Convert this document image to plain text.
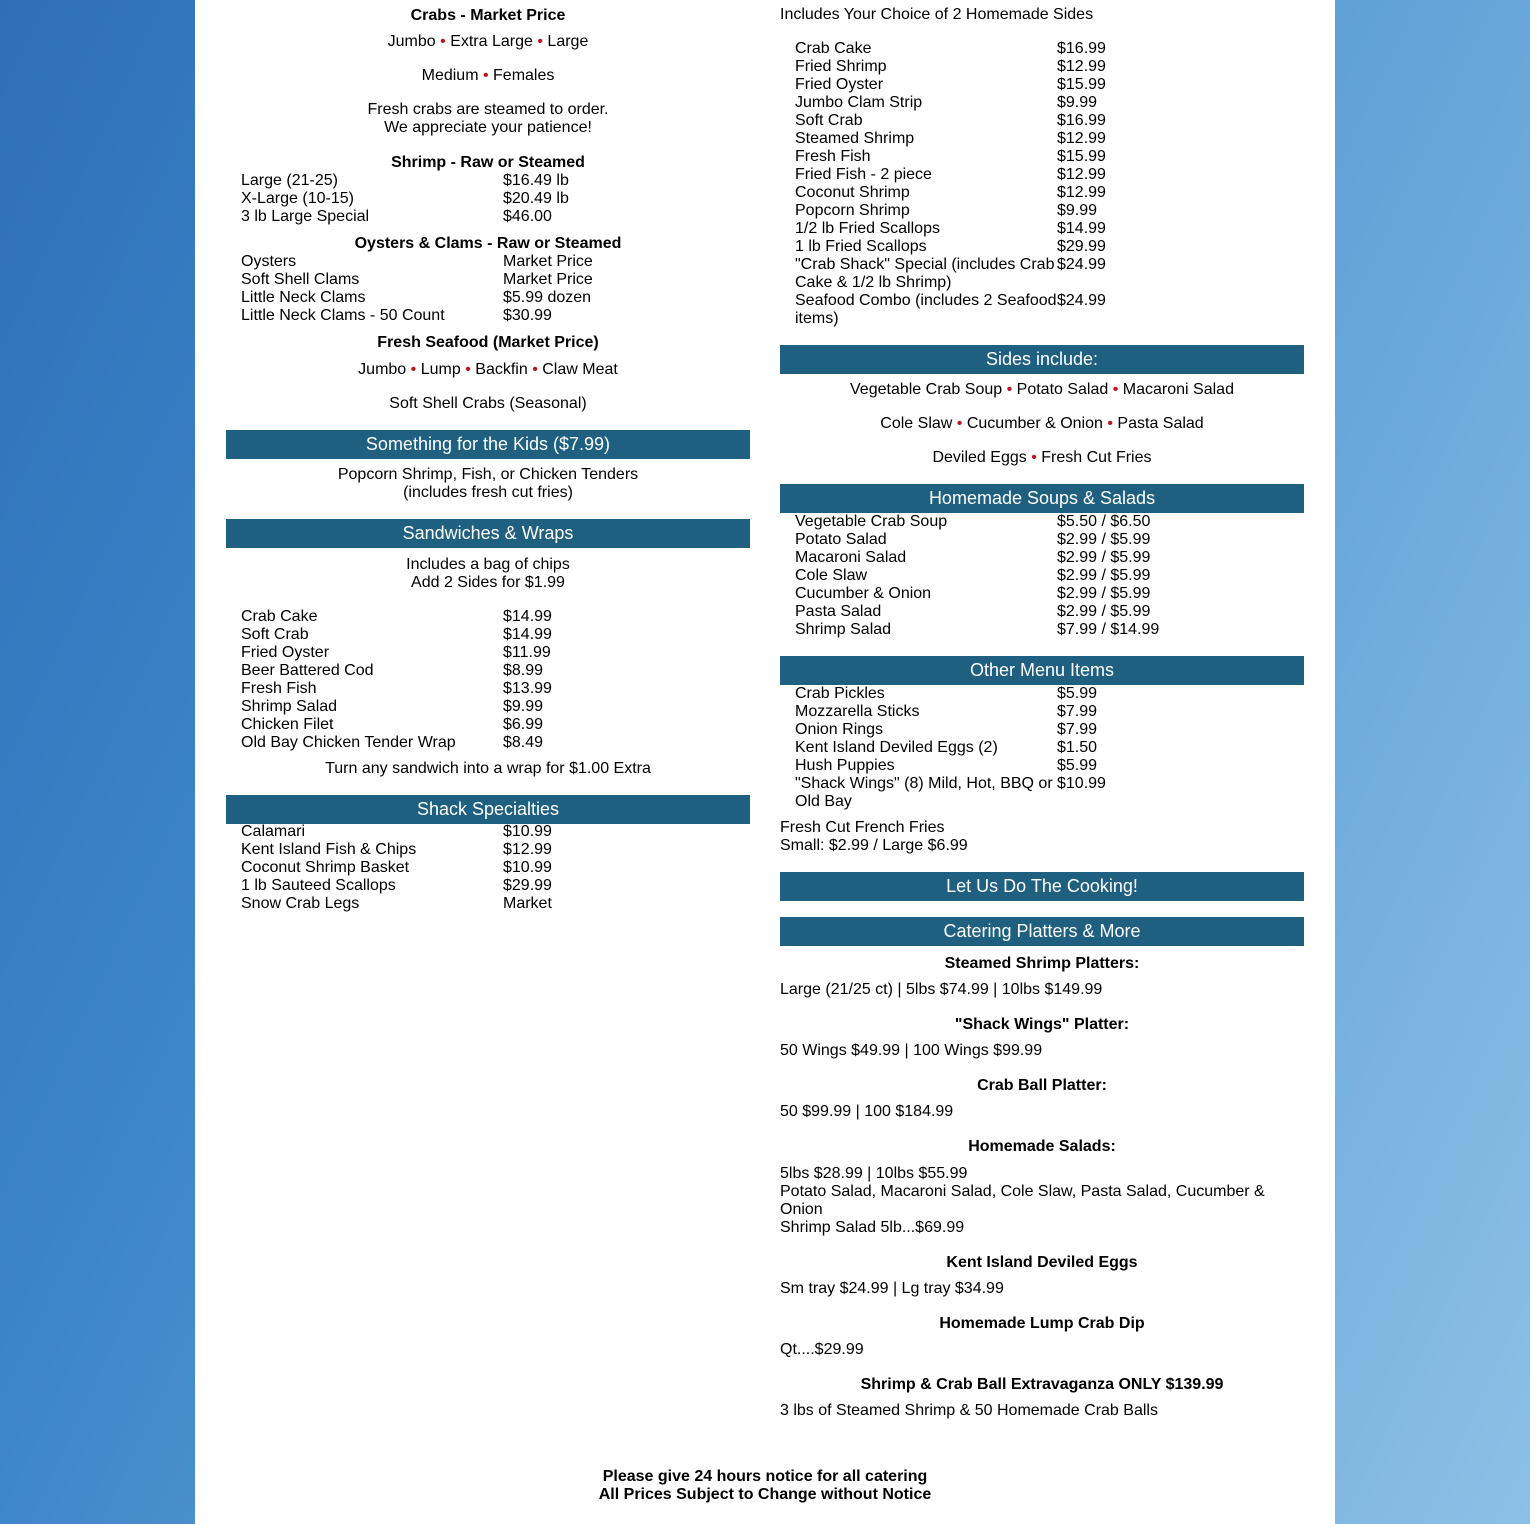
Crabs - Market Price
Jumbo • Extra Large • Large
Medium • Females
Fresh crabs are steamed to order.
We appreciate your patience!
Shrimp - Raw or Steamed
Large (21-25)	$16.49 lb
X-Large (10-15)	$20.49 lb
3 lb Large Special	$46.00
Oysters & Clams - Raw or Steamed
Oysters	Market Price
Soft Shell Clams	Market Price
Little Neck Clams	$5.99 dozen
Little Neck Clams - 50 Count	$30.99
Fresh Seafood (Market Price)
Jumbo • Lump • Backfin • Claw Meat
Soft Shell Crabs (Seasonal)
Something for the Kids ($7.99)
Popcorn Shrimp, Fish, or Chicken Tenders
(includes fresh cut fries)
Sandwiches & Wraps
Includes a bag of chips
Add 2 Sides for $1.99
Crab Cake	$14.99
Soft Crab	$14.99
Fried Oyster	$11.99
Beer Battered Cod	$8.99
Fresh Fish	$13.99
Shrimp Salad	$9.99
Chicken Filet	$6.99
Old Bay Chicken Tender Wrap	$8.49
Turn any sandwich into a wrap for $1.00 Extra
Shack Specialties
Calamari	$10.99
Kent Island Fish & Chips	$12.99
Coconut Shrimp Basket	$10.99
1 lb Sauteed Scallops	$29.99
Snow Crab Legs	Market
Includes Your Choice of 2 Homemade Sides
Crab Cake	$16.99
Fried Shrimp	$12.99
Fried Oyster	$15.99
Jumbo Clam Strip	$9.99
Soft Crab	$16.99
Steamed Shrimp	$12.99
Fresh Fish	$15.99
Fried Fish - 2 piece	$12.99
Coconut Shrimp	$12.99
Popcorn Shrimp	$9.99
1/2 lb Fried Scallops	$14.99
1 lb Fried Scallops	$29.99
"Crab Shack" Special (includes Crab Cake & 1/2 lb Shrimp)	$24.99
Seafood Combo (includes 2 Seafood items)	$24.99
Sides include:
Vegetable Crab Soup • Potato Salad • Macaroni Salad
Cole Slaw • Cucumber & Onion • Pasta Salad
Deviled Eggs • Fresh Cut Fries
Homemade Soups & Salads
Vegetable Crab Soup	$5.50 / $6.50
Potato Salad	$2.99 / $5.99
Macaroni Salad	$2.99 / $5.99
Cole Slaw	$2.99 / $5.99
Cucumber & Onion	$2.99 / $5.99
Pasta Salad	$2.99 / $5.99
Shrimp Salad	$7.99 / $14.99
Other Menu Items
Crab Pickles	$5.99
Mozzarella Sticks	$7.99
Onion Rings	$7.99
Kent Island Deviled Eggs (2)	$1.50
Hush Puppies	$5.99
"Shack Wings" (8) Mild, Hot, BBQ or Old Bay	$10.99
Fresh Cut French Fries
Small: $2.99 / Large $6.99
Let Us Do The Cooking!
Catering Platters & More
Steamed Shrimp Platters:
Large (21/25 ct) | 5lbs $74.99 | 10lbs $149.99
"Shack Wings" Platter:
50 Wings $49.99 | 100 Wings $99.99
Crab Ball Platter:
50 $99.99 | 100 $184.99
Homemade Salads:
5lbs $28.99 | 10lbs $55.99
Potato Salad, Macaroni Salad, Cole Slaw, Pasta Salad, Cucumber & Onion
Shrimp Salad 5lb...$69.99
Kent Island Deviled Eggs
Sm tray $24.99 | Lg tray $34.99
Homemade Lump Crab Dip
Qt....$29.99
Shrimp & Crab Ball Extravaganza ONLY $139.99
3 lbs of Steamed Shrimp & 50 Homemade Crab Balls
Please give 24 hours notice for all catering
All Prices Subject to Change without Notice
